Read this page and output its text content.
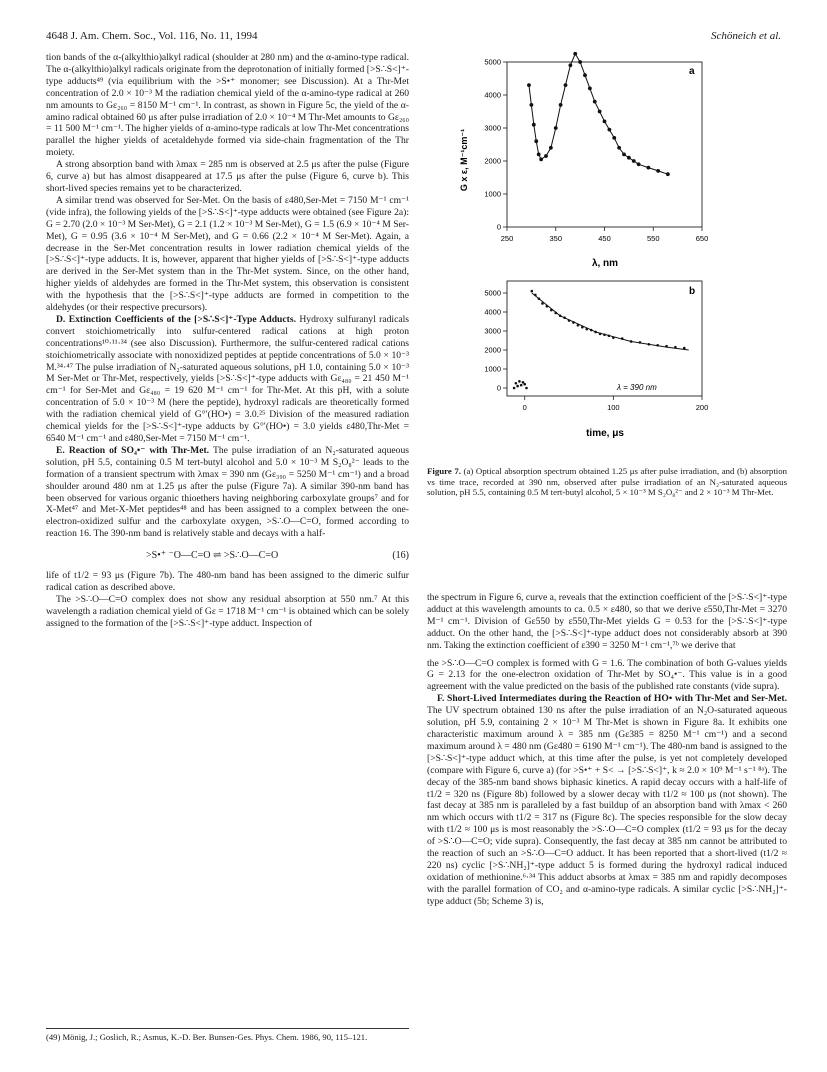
4648 J. Am. Chem. Soc., Vol. 116, No. 11, 1994	Schöneich et al.

tion bands of the α-(alkylthio)alkyl radical (shoulder at 280 nm) and the α-amino-type radical. The α-(alkylthio)alkyl radicals originate from the deprotonation of initially formed [>S∴S<]⁺-type adducts⁴⁹ (via equilibrium with the >S•⁺ monomer; see Discussion). At a Thr-Met concentration of 2.0 × 10⁻³ M the radiation chemical yield of the α-amino-type radical at 260 nm amounts to Gε₂₆₀ = 8150 M⁻¹ cm⁻¹. In contrast, as shown in Figure 5c, the yield of the α-amino radical obtained 60 μs after pulse irradiation of 2.0 × 10⁻⁴ M Thr-Met amounts to Gε₂₆₀ = 11 500 M⁻¹ cm⁻¹. The higher yields of α-amino-type radicals at low Thr-Met concentrations parallel the higher yields of acetaldehyde formed via side-chain fragmentation of the Thr moiety.

A strong absorption band with λmax = 285 nm is observed at 2.5 μs after the pulse (Figure 6, curve a) but has almost disappeared at 17.5 μs after the pulse (Figure 6, curve b). This short-lived species remains yet to be characterized.

A similar trend was observed for Ser-Met. On the basis of ε480,Ser-Met = 7150 M⁻¹ cm⁻¹ (vide infra), the following yields of the [>S∴S<]⁺-type adducts were obtained (see Figure 2a): G = 2.70 (2.0 × 10⁻³ M Ser-Met), G = 2.1 (1.2 × 10⁻³ M Ser-Met), G = 1.5 (6.9 × 10⁻⁴ M Ser-Met), G = 0.95 (3.6 × 10⁻⁴ M Ser-Met), and G = 0.66 (2.2 × 10⁻⁴ M Ser-Met). Again, a decrease in the Ser-Met concentration results in lower radiation chemical yields of the [>S∴S<]⁺-type adducts. It is, however, apparent that higher yields of [>S∴S<]⁺-type adducts are derived in the Ser-Met system than in the Thr-Met system. Since, on the other hand, higher yields of aldehydes are formed in the Thr-Met system, this observation is consistent with the hypothesis that the [>S∴S<]⁺-type adducts are formed in competition to the aldehydes (or their respective precursors).

D. Extinction Coefficients of the [>S∴S<]⁺-Type Adducts. Hydroxy sulfuranyl radicals convert stoichiometrically into sulfur-centered radical cations at high proton concentrations¹⁰·¹¹·³⁴ (see also Discussion). Furthermore, the sulfur-centered radical cations stoichiometrically associate with nonoxidized peptides at peptide concentrations of 5.0 × 10⁻³ M.³⁴·⁴⁷ The pulse irradiation of N₂-saturated aqueous solutions, pH 1.0, containing 5.0 × 10⁻³ M Ser-Met or Thr-Met, respectively, yields [>S∴S<]⁺-type adducts with Gε₄₈₀ = 21 450 M⁻¹ cm⁻¹ for Ser-Met and Gε₄₈₀ = 19 620 M⁻¹ cm⁻¹ for Thr-Met. At this pH, with a solute concentration of 5.0 × 10⁻³ M (here the peptide), hydroxyl radicals are theoretically formed with the radiation chemical yield of G°′(HO•) = 3.0.²⁵ Division of the measured radiation chemical yields for the [>S∴S<]⁺-type adducts by G°′(HO•) = 3.0 yields ε480,Thr-Met = 6540 M⁻¹ cm⁻¹ and ε480,Ser-Met = 7150 M⁻¹ cm⁻¹.

E. Reaction of SO₄•⁻ with Thr-Met. The pulse irradiation of an N₂-saturated aqueous solution, pH 5.5, containing 0.5 M tert-butyl alcohol and 5.0 × 10⁻³ M S₂O₈²⁻ leads to the formation of a transient spectrum with λmax = 390 nm (Gε₃₉₀ = 5250 M⁻¹ cm⁻¹) and a broad shoulder around 480 nm at 1.25 μs after the pulse (Figure 7a). A similar 390-nm band has been observed for various organic thioethers having neighboring carboxylate groups⁷ and for X-Met⁴⁷ and Met-X-Met peptides⁴⁸ and has been assigned to a complex between the one-electron-oxidized sulfur and the carboxylate oxygen, >S∴O—C=O, formed according to reaction 16. The 390-nm band is relatively stable and decays with a half-

>S•⁺ ⁻O—C=O ⇌ >S∴O—C=O	(16)

life of t1/2 = 93 μs (Figure 7b). The 480-nm band has been assigned to the dimeric sulfur radical cation as described above.

The >S∴O—C=O complex does not show any residual absorption at 550 nm.⁷ At this wavelength a radiation chemical yield of Gε = 1718 M⁻¹ cm⁻¹ is obtained which can be solely assigned to the formation of the [>S∴S<]⁺-type adduct. Inspection of

(49) Mönig, J.; Goslich, R.; Asmus, K.-D. Ber. Bunsen-Ges. Phys. Chem. 1986, 90, 115–121.
a
G x ε, M⁻¹cm⁻¹
λ, nm
250	350	450	550	650
0
1000
2000
3000
4000
5000
b
time, μs
λ = 390 nm
0	100	200
0
1000
2000
3000
4000
5000
Figure 7. (a) Optical absorption spectrum obtained 1.25 μs after pulse irradiation, and (b) absorption vs time trace, recorded at 390 nm, observed after pulse irradiation of an N₂-saturated aqueous solution, pH 5.5, containing 0.5 M tert-butyl alcohol, 5 × 10⁻³ M S₂O₈²⁻ and 2 × 10⁻³ M Thr-Met.

the spectrum in Figure 6, curve a, reveals that the extinction coefficient of the [>S∴S<]⁺-type adduct at this wavelength amounts to ca. 0.5 × ε480, so that we derive ε550,Thr-Met = 3270 M⁻¹ cm⁻¹. Division of Gε550 by ε550,Thr-Met yields G = 0.53 for the [>S∴S<]⁺-type adduct. On the other hand, the [>S∴S<]⁺-type adduct does not considerably absorb at 390 nm. Taking the extinction coefficient of ε390 = 3250 M⁻¹ cm⁻¹,⁷ᵇ we derive that

the >S∴O—C=O complex is formed with G = 1.6. The combination of both G-values yields G = 2.13 for the one-electron oxidation of Thr-Met by SO₄•⁻. This value is in a good agreement with the value predicted on the basis of the published rate constants (vide supra).

F. Short-Lived Intermediates during the Reaction of HO• with Thr-Met and Ser-Met. The UV spectrum obtained 130 ns after the pulse irradiation of an N₂O-saturated aqueous solution, pH 5.9, containing 2 × 10⁻³ M Thr-Met is shown in Figure 8a. It exhibits one characteristic maximum around λ = 385 nm (Gε385 = 8250 M⁻¹ cm⁻¹) and a second maximum around λ = 480 nm (Gε480 = 6190 M⁻¹ cm⁻¹). The 480-nm band is assigned to the [>S∴S<]⁺-type adduct which, at this time after the pulse, is yet not completely developed (compare with Figure 6, curve a) (for >S•⁺ + S< → [>S∴S<]⁺, k ≈ 2.0 × 10⁹ M⁻¹ s⁻¹ ⁸ᵃ). The decay of the 385-nm band shows biphasic kinetics. A rapid decay occurs with a half-life of t1/2 = 320 ns (Figure 8b) followed by a slower decay with t1/2 ≈ 100 μs (not shown). The fast decay at 385 nm is paralleled by a fast buildup of an absorption band with λmax < 260 nm which occurs with t1/2 = 317 ns (Figure 8c). The species responsible for the slow decay with t1/2 ≈ 100 μs is most reasonably the >S∴O—C=O complex (t1/2 = 93 μs for the decay of >S∴O—C=O; vide supra). Consequently, the fast decay at 385 nm cannot be attributed to the reaction of such an >S∴O—C=O adduct. It has been reported that a short-lived (t1/2 ≈ 220 ns) cyclic [>S∴NH₂]⁺-type adduct 5 is formed during the hydroxyl radical induced oxidation of methionine.⁶·³⁴ This adduct absorbs at λmax = 385 nm and rapidly decomposes with the parallel formation of CO₂ and α-amino-type radicals. A similar cyclic [>S∴NH₂]⁺-type adduct (5b; Scheme 3) is,
